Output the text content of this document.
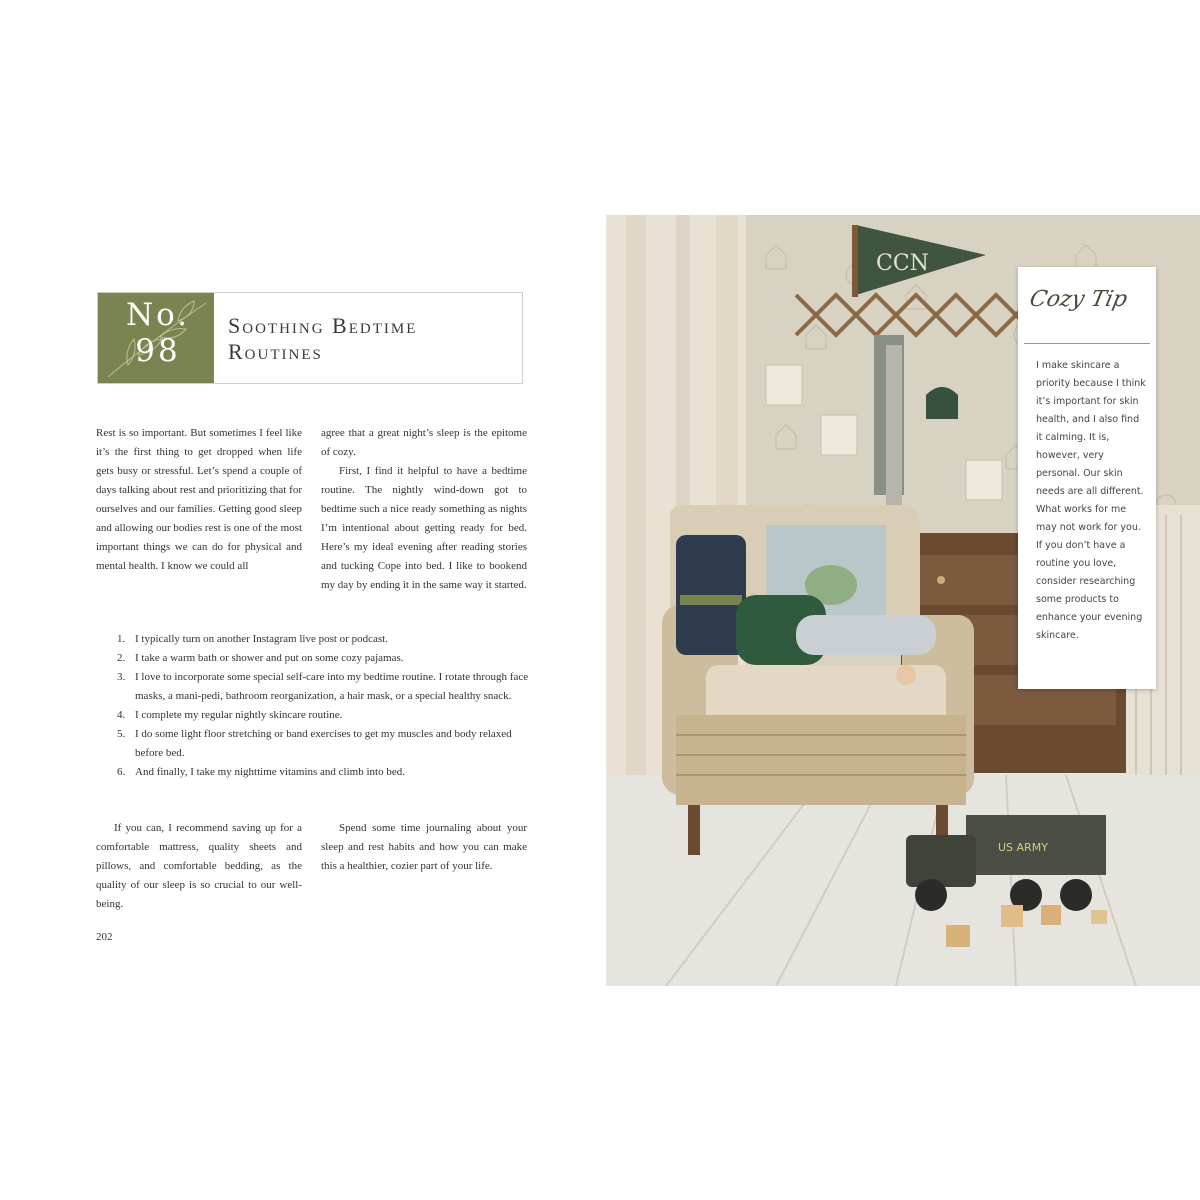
No. 98
Soothing Bedtime Routines

Rest is so important. But sometimes I feel like it’s the first thing to get dropped when life gets busy or stressful. Let’s spend a couple of days talking about rest and prioritizing that for ourselves and our families. Getting good sleep and allowing our bodies rest is one of the most important things we can do for physical and mental health. I know we could all

agree that a great night’s sleep is the epitome of cozy.

First, I find it helpful to have a bedtime routine. The nightly wind-down got to bedtime such a nice ready something as nights I’m intentional about getting ready for bed. Here’s my ideal evening after reading stories and tucking Cope into bed. I like to bookend my day by ending it in the same way it started.

1. I typically turn on another Instagram live post or podcast.
2. I take a warm bath or shower and put on some cozy pajamas.
3. I love to incorporate some special self-care into my bedtime routine. I rotate through face masks, a mani-pedi, bathroom reorganization, a hair mask, or a special healthy snack.
4. I complete my regular nightly skincare routine.
5. I do some light floor stretching or band exercises to get my muscles and body relaxed before bed.
6. And finally, I take my nighttime vitamins and climb into bed.

If you can, I recommend saving up for a comfortable mattress, quality sheets and pillows, and comfortable bedding, as the quality of our sleep is so crucial to our well-being.

Spend some time journaling about your sleep and rest habits and how you can make this a healthier, cozier part of your life.

202
CCN
US ARMY
Cozy Tip
I make skincare a priority because I think it’s important for skin health, and I also find it calming. It is, however, very personal. Our skin needs are all different. What works for me may not work for you. If you don’t have a routine you love, consider researching some products to enhance your evening skincare.
